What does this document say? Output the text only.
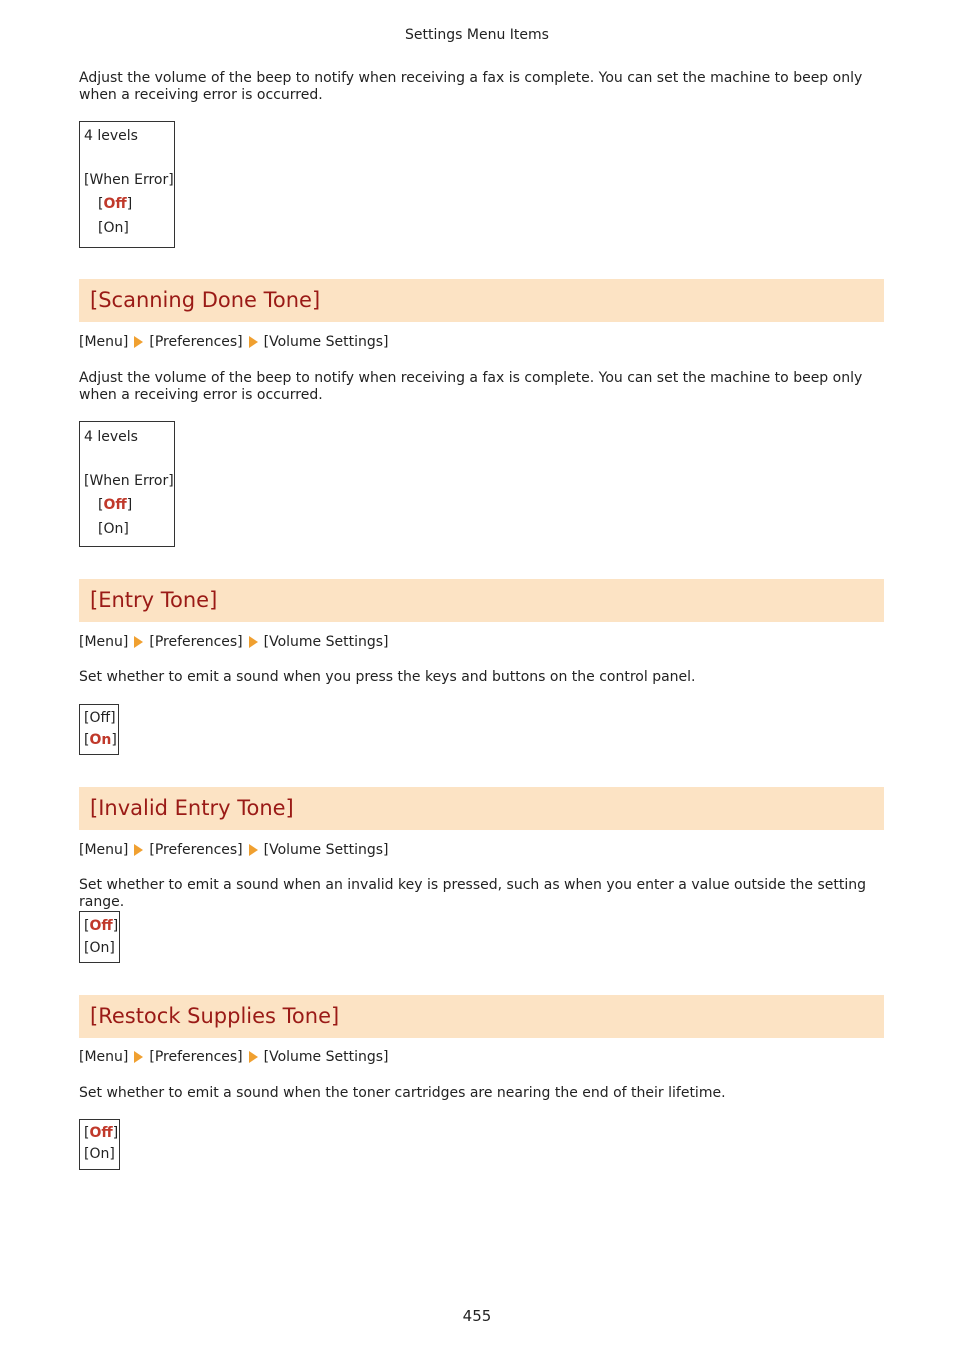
Settings Menu Items

Adjust the volume of the beep to notify when receiving a fax is complete. You can set the machine to beep only when a receiving error is occurred.

4 levels
[When Error]
[Off]
[On]
[Scanning Done Tone]
[Menu] [Preferences] [Volume Settings]

Adjust the volume of the beep to notify when receiving a fax is complete. You can set the machine to beep only when a receiving error is occurred.

4 levels
[When Error]
[Off]
[On]
[Entry Tone]
[Menu] [Preferences] [Volume Settings]

Set whether to emit a sound when you press the keys and buttons on the control panel.

[Off]
[On]
[Invalid Entry Tone]
[Menu] [Preferences] [Volume Settings]

Set whether to emit a sound when an invalid key is pressed, such as when you enter a value outside the setting range.

[Off]
[On]
[Restock Supplies Tone]
[Menu] [Preferences] [Volume Settings]

Set whether to emit a sound when the toner cartridges are nearing the end of their lifetime.

[Off]
[On]
455
